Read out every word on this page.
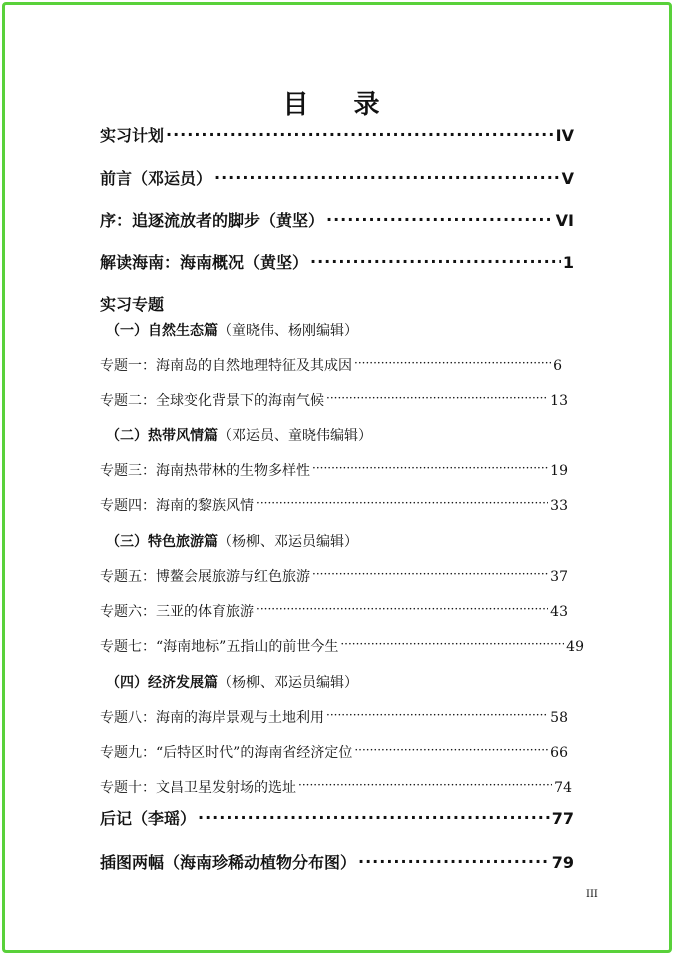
目 录
实习计划 ·····	IV
前言（邓运员） ·····	V
序：追逐流放者的脚步（黄坚） ·····	VI
解读海南：海南概况（黄坚） ·····	1
实习专题
（一）自然生态篇（童晓伟、杨刚编辑）
专题一：海南岛的自然地理特征及其成因 ·····	6
专题二：全球变化背景下的海南气候 ·····	13
（二）热带风情篇（邓运员、童晓伟编辑）
专题三：海南热带林的生物多样性 ·····	19
专题四：海南的黎族风情 ·····	33
（三）特色旅游篇（杨柳、邓运员编辑）
专题五：博鳌会展旅游与红色旅游 ·····	37
专题六：三亚的体育旅游 ·····	43
专题七：“海南地标”五指山的前世今生 ·····	49
（四）经济发展篇（杨柳、邓运员编辑）
专题八：海南的海岸景观与土地利用 ·····	58
专题九：“后特区时代”的海南省经济定位 ·····	66
专题十：文昌卫星发射场的选址 ·····	74
后记（李瑶） ·····	77
插图两幅（海南珍稀动植物分布图） ·····	79
III
